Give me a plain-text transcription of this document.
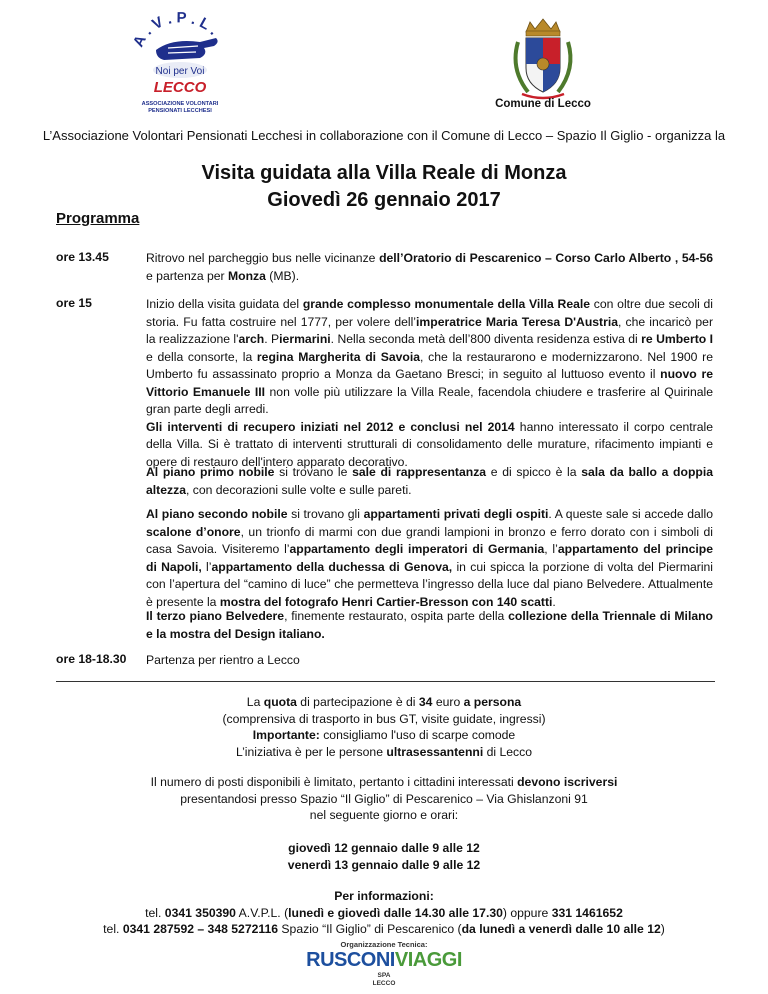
A . V . P . L .
Noi per Voi
LECCO
ASSOCIAZIONE VOLONTARI
PENSIONATI LECCHESI
Comune di Lecco
L’Associazione Volontari Pensionati Lecchesi in collaborazione con il Comune di Lecco – Spazio Il Giglio - organizza la
Visita guidata alla Villa Reale di Monza
Giovedì 26 gennaio 2017
Programma
ore 13.45	Ritrovo nel parcheggio bus nelle vicinanze dell’Oratorio di Pescarenico – Corso Carlo Alberto , 54-56 e partenza per Monza (MB).
ore 15	Inizio della visita guidata del grande complesso monumentale della Villa Reale con oltre due secoli di storia. Fu fatta costruire nel 1777, per volere dell’imperatrice Maria Teresa D'Austria, che incaricò per la realizzazione l'arch. Piermarini. Nella seconda metà dell’800 diventa residenza estiva di re Umberto I e della consorte, la regina Margherita di Savoia, che la restaurarono e modernizzarono. Nel 1900 re Umberto fu assassinato proprio a Monza da Gaetano Bresci; in seguito al luttuoso evento il nuovo re Vittorio Emanuele III non volle più utilizzare la Villa Reale, facendola chiudere e trasferire al Quirinale gran parte degli arredi.
Gli interventi di recupero iniziati nel 2012 e conclusi nel 2014 hanno interessato il corpo centrale della Villa. Si è trattato di interventi strutturali di consolidamento delle murature, rifacimento impianti e opere di restauro dell'intero apparato decorativo.
Al piano primo nobile si trovano le sale di rappresentanza e di spicco è la sala da ballo a doppia altezza, con decorazioni sulle volte e sulle pareti.
Al piano secondo nobile si trovano gli appartamenti privati degli ospiti. A queste sale si accede dallo scalone d’onore, un trionfo di marmi con due grandi lampioni in bronzo e ferro dorato con i simboli di casa Savoia. Visiteremo l’appartamento degli imperatori di Germania, l’appartamento del principe di Napoli, l’appartamento della duchessa di Genova, in cui spicca la porzione di volta del Piermarini con l’apertura del “camino di luce” che permetteva l’ingresso della luce dal piano Belvedere. Attualmente è presente la mostra del fotografo Henri Cartier-Bresson con 140 scatti.
Il terzo piano Belvedere, finemente restaurato, ospita parte della collezione della Triennale di Milano e la mostra del Design italiano.
ore 18-18.30 Partenza per rientro a Lecco
La quota di partecipazione è di 34 euro a persona
(comprensiva di trasporto in bus GT, visite guidate, ingressi)
Importante: consigliamo l'uso di scarpe comode
L’iniziativa è per le persone ultrasessantenni di Lecco
Il numero di posti disponibili è limitato, pertanto i cittadini interessati devono iscriversi
presentandosi presso Spazio “Il Giglio” di Pescarenico – Via Ghislanzoni 91
nel seguente giorno e orari:
giovedì 12 gennaio dalle 9 alle 12
venerdì 13 gennaio dalle 9 alle 12
Per informazioni:
tel. 0341 350390 A.V.P.L. (lunedì e giovedì dalle 14.30 alle 17.30) oppure 331 1461652
tel. 0341 287592 – 348 5272116 Spazio “Il Giglio” di Pescarenico (da lunedì a venerdì dalle 10 alle 12)
Organizzazione Tecnica:
RUSCONIVIAGGI
SPA
LECCO
